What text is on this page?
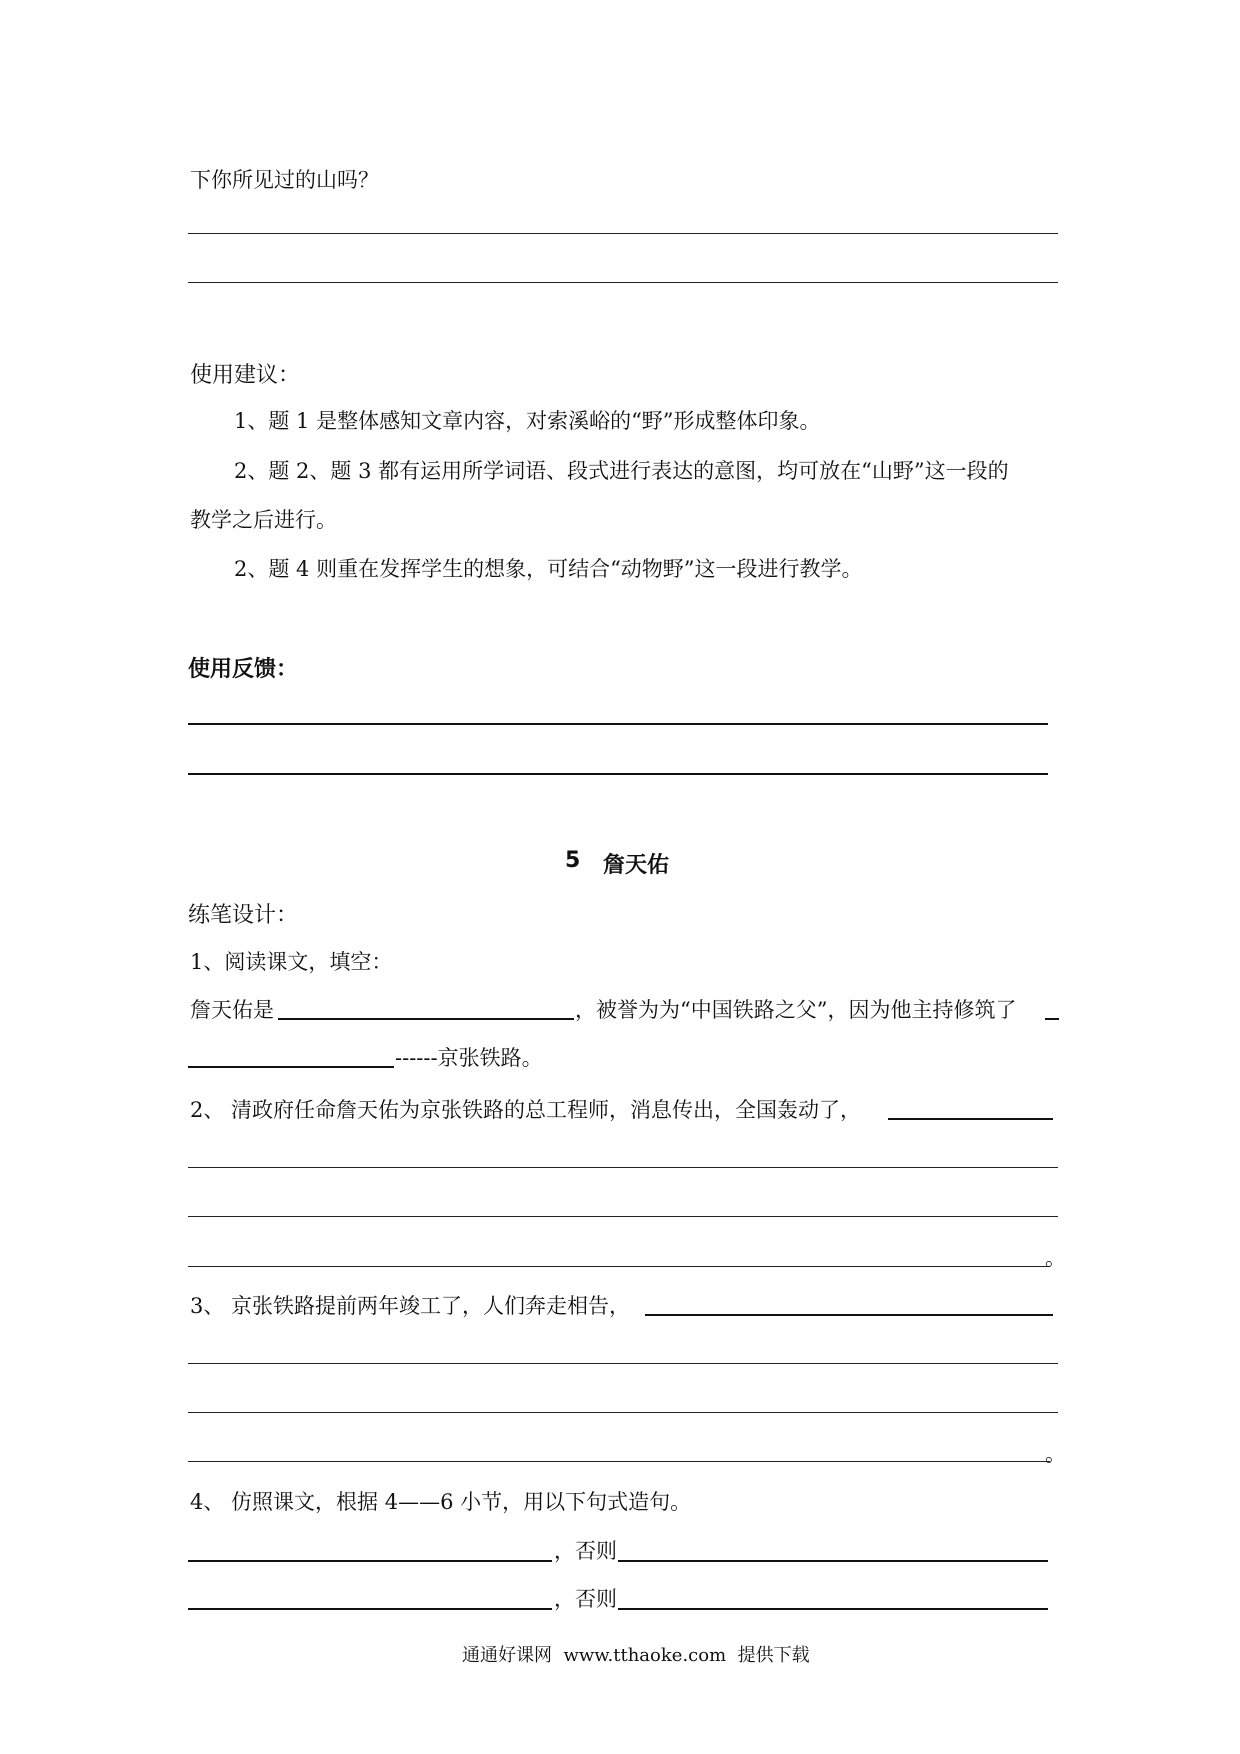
下你所见过的山吗？
使用建议：
1、题 1 是整体感知文章内容，对索溪峪的“野”形成整体印象。
2、题 2、题 3 都有运用所学词语、段式进行表达的意图，均可放在“山野”这一段的
教学之后进行。
2、题 4 则重在发挥学生的想象，可结合“动物野”这一段进行教学。
使用反馈：
5 詹天佑
练笔设计：
1、阅读课文，填空：
詹天佑是	，被誉为为“中国铁路之父”，因为他主持修筑了
------京张铁路。
2、 清政府任命詹天佑为京张铁路的总工程师，消息传出，全国轰动了，
。
3、 京张铁路提前两年竣工了，人们奔走相告，
。
4、 仿照课文，根据 4——6 小节，用以下句式造句。
，否则
，否则
通通好课网  www.tthaoke.com  提供下载
